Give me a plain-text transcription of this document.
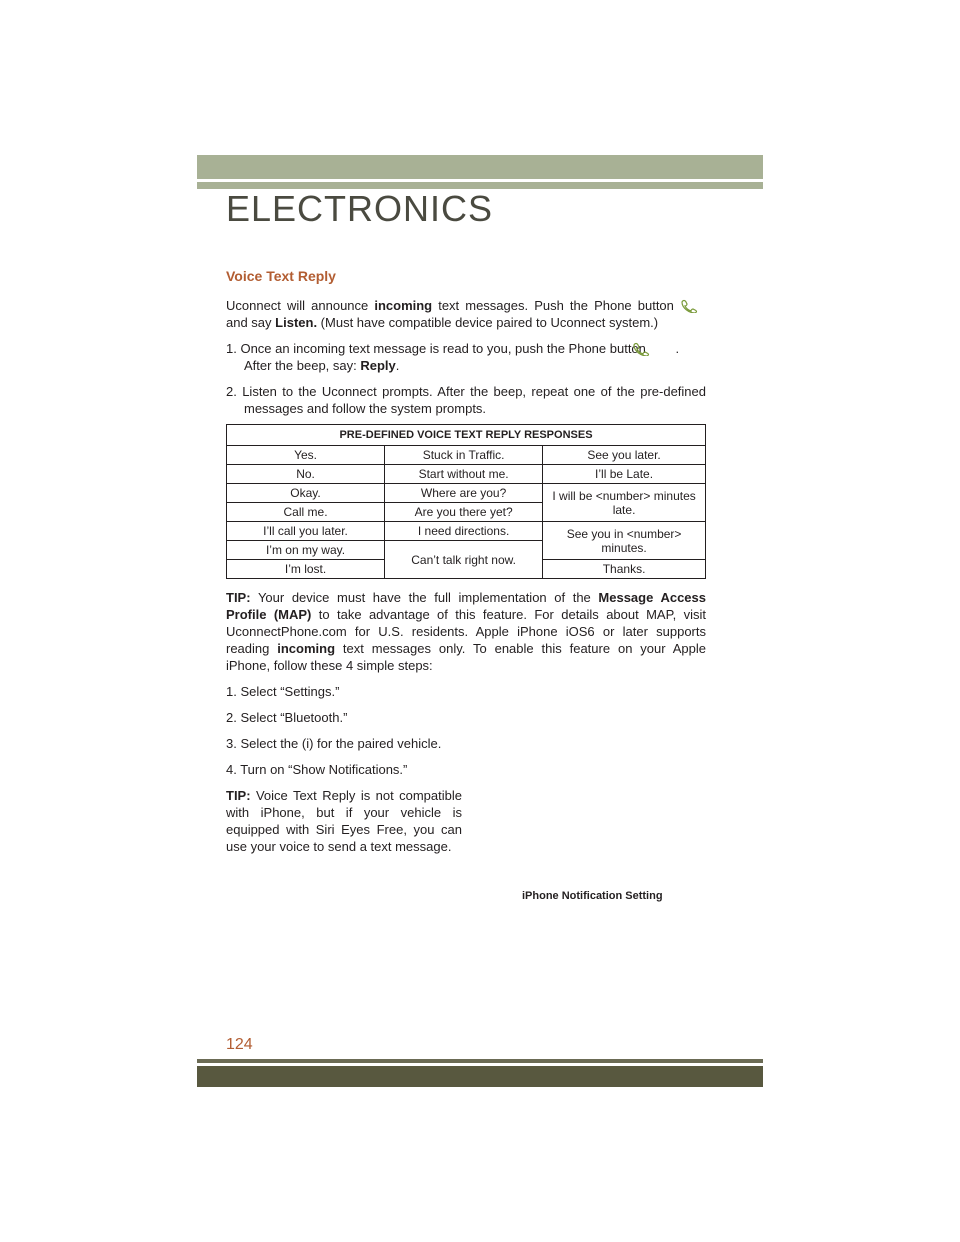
ELECTRONICS
Voice Text Reply

Uconnect will announce incoming text messages. Push the Phone button  and say Listen. (Must have compatible device paired to Uconnect system.)

1. Once an incoming text message is read to you, push the Phone button . After the beep, say: Reply.

2. Listen to the Uconnect prompts. After the beep, repeat one of the pre-defined messages and follow the system prompts.

PRE-DEFINED VOICE TEXT REPLY RESPONSES		
Yes.	Stuck in Traffic.	See you later.
No.	Start without me.	I’ll be Late.
Okay.	Where are you?	I will be <number> minutes late.
Call me.	Are you there yet?	
I’ll call you later.	I need directions.	See you in <number> minutes.
I’m on my way.	Can’t talk right now.	
I’m lost.		Thanks.

TIP: Your device must have the full implementation of the Message Access Profile (MAP) to take advantage of this feature. For details about MAP, visit UconnectPhone.com for U.S. residents. Apple iPhone iOS6 or later supports reading incoming text messages only. To enable this feature on your Apple iPhone, follow these 4 simple steps:

1. Select “Settings.”

2. Select “Bluetooth.”

3. Select the (i) for the paired vehicle.

4. Turn on “Show Notifications.”

TIP: Voice Text Reply is not compatible with iPhone, but if your vehicle is equipped with Siri Eyes Free, you can use your voice to send a text message.

iPhone Notification Setting

124
